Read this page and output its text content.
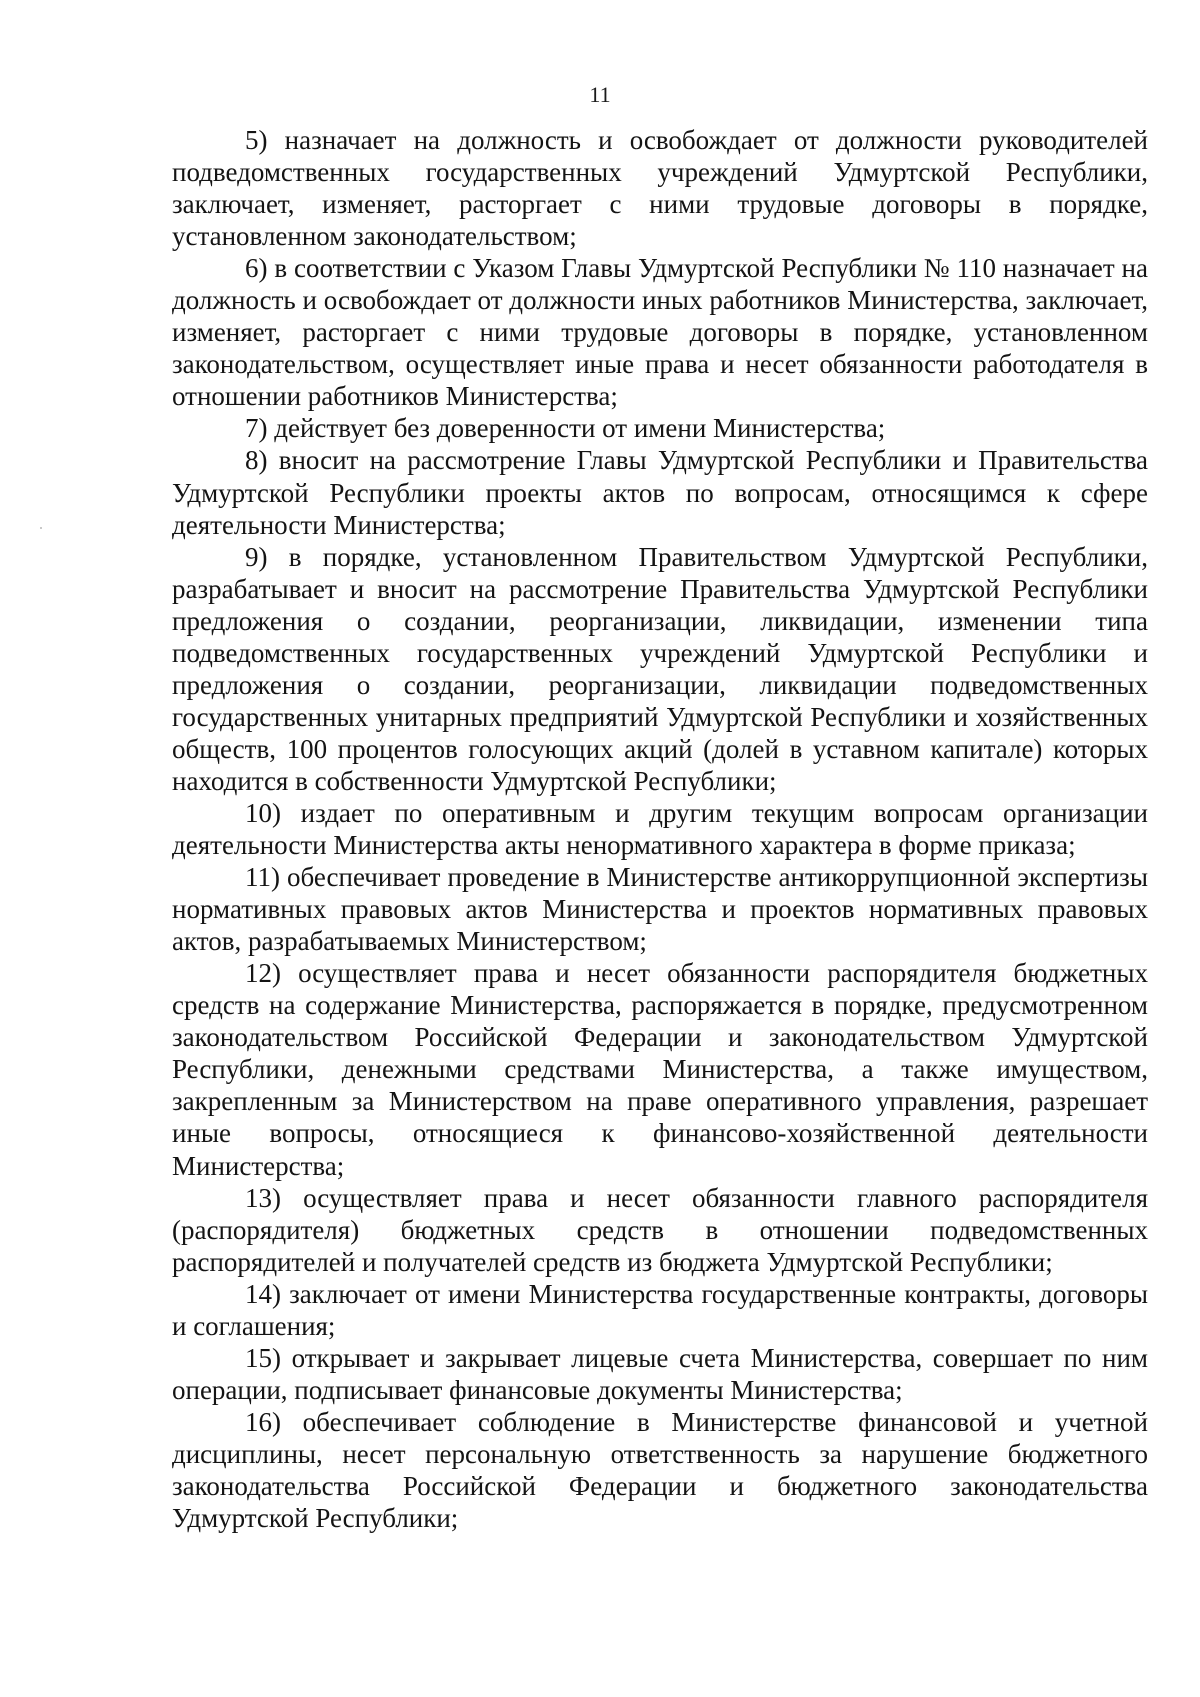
11

5) назначает на должность и освобождает от должности руководителей подведомственных государственных учреждений Удмуртской Республики, заключает, изменяет, расторгает с ними трудовые договоры в порядке, установленном законодательством;

6) в соответствии с Указом Главы Удмуртской Республики № 110 назначает на должность и освобождает от должности иных работников Министерства, заключает, изменяет, расторгает с ними трудовые договоры в порядке, установленном законодательством, осуществляет иные права и несет обязанности работодателя в отношении работников Министерства;

7) действует без доверенности от имени Министерства;

8) вносит на рассмотрение Главы Удмуртской Республики и Правительства Удмуртской Республики проекты актов по вопросам, относящимся к сфере деятельности Министерства;

9) в порядке, установленном Правительством Удмуртской Республики, разрабатывает и вносит на рассмотрение Правительства Удмуртской Республики предложения о создании, реорганизации, ликвидации, изменении типа подведомственных государственных учреждений Удмуртской Республики и предложения о создании, реорганизации, ликвидации подведомственных государственных унитарных предприятий Удмуртской Республики и хозяйственных обществ, 100 процентов голосующих акций (долей в уставном капитале) которых находится в собственности Удмуртской Республики;

10) издает по оперативным и другим текущим вопросам организации деятельности Министерства акты ненормативного характера в форме приказа;

11) обеспечивает проведение в Министерстве антикоррупционной экспертизы нормативных правовых актов Министерства и проектов нормативных правовых актов, разрабатываемых Министерством;

12) осуществляет права и несет обязанности распорядителя бюджетных средств на содержание Министерства, распоряжается в порядке, предусмотренном законодательством Российской Федерации и законодательством Удмуртской Республики, денежными средствами Министерства, а также имуществом, закрепленным за Министерством на праве оперативного управления, разрешает иные вопросы, относящиеся к финансово-хозяйственной деятельности Министерства;

13) осуществляет права и несет обязанности главного распорядителя (распорядителя) бюджетных средств в отношении подведомственных распорядителей и получателей средств из бюджета Удмуртской Республики;

14) заключает от имени Министерства государственные контракты, договоры и соглашения;

15) открывает и закрывает лицевые счета Министерства, совершает по ним операции, подписывает финансовые документы Министерства;

16) обеспечивает соблюдение в Министерстве финансовой и учетной дисциплины, несет персональную ответственность за нарушение бюджетного законодательства Российской Федерации и бюджетного законодательства Удмуртской Республики;
